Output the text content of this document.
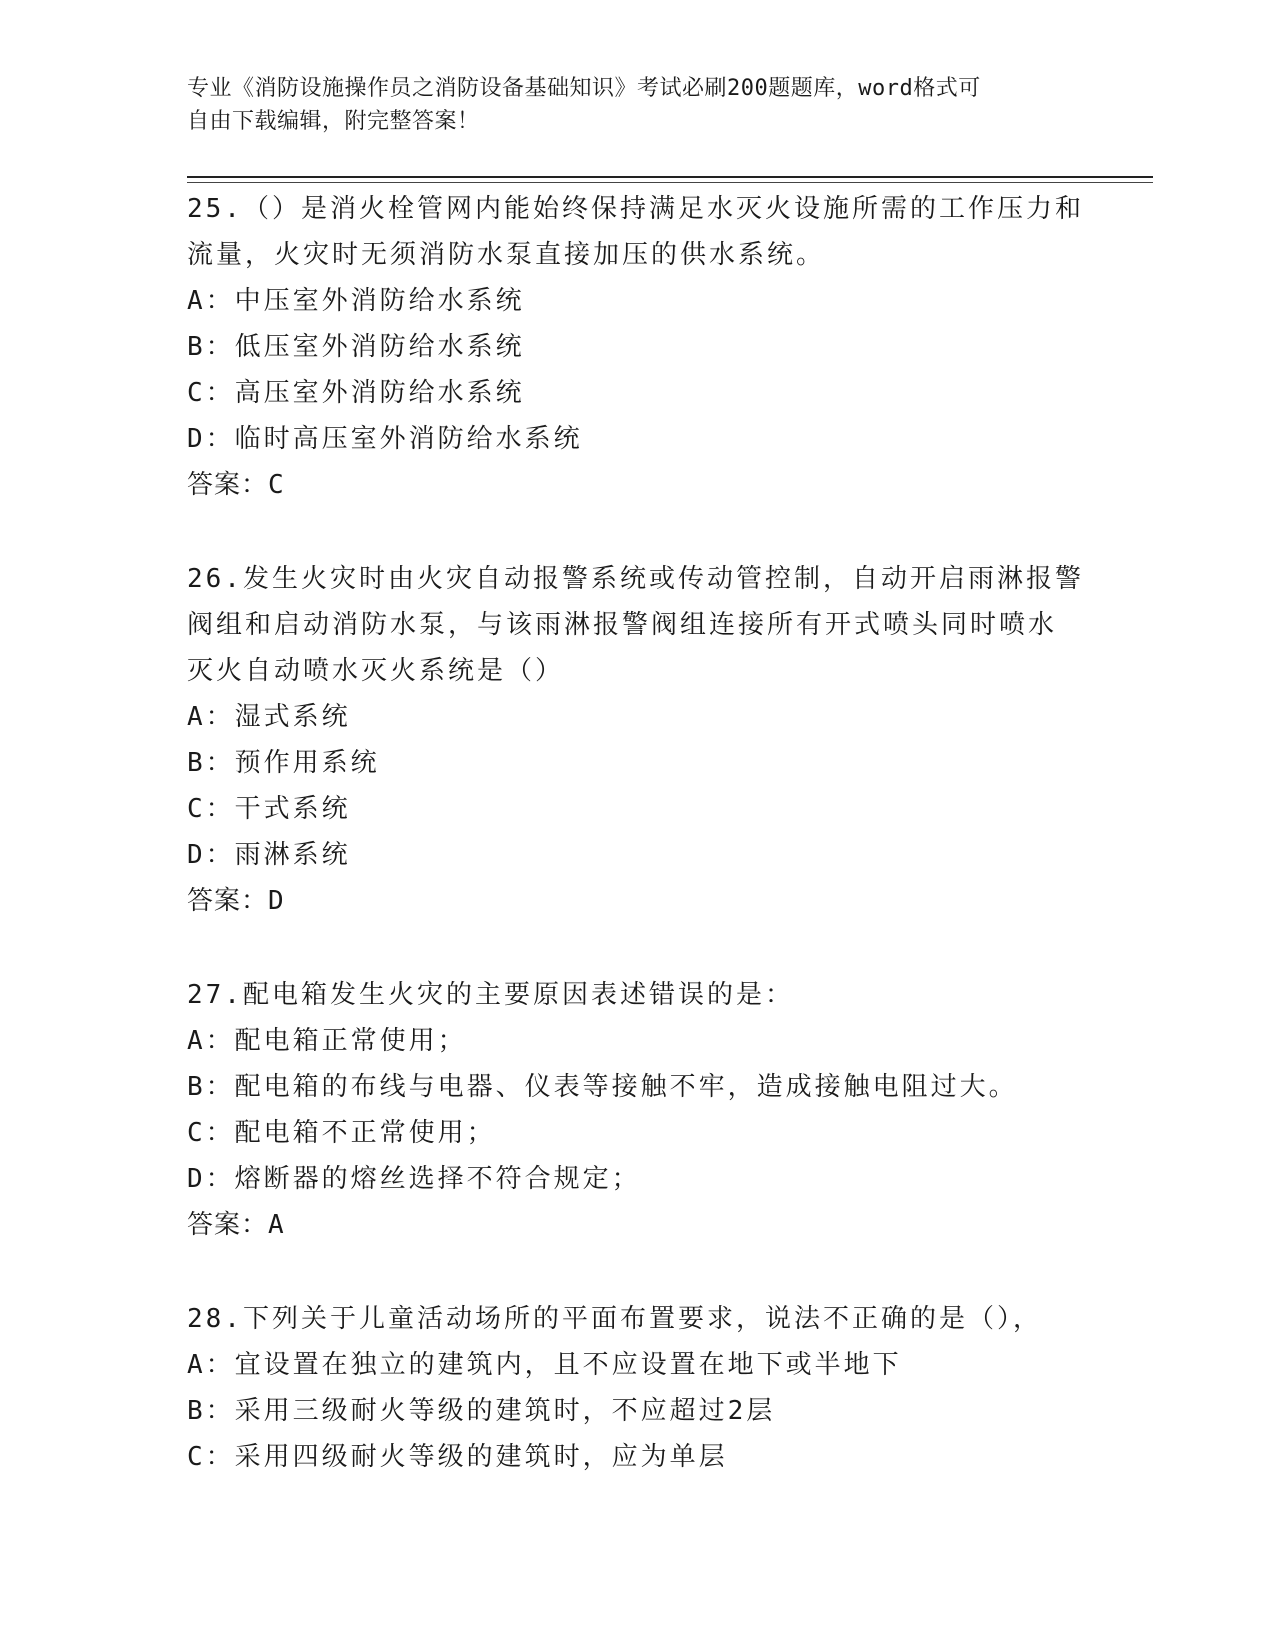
专业《消防设施操作员之消防设备基础知识》考试必刷200题题库，word格式可
自由下载编辑，附完整答案！
25.（）是消火栓管网内能始终保持满足水灭火设施所需的工作压力和
流量，火灾时无须消防水泵直接加压的供水系统。
A：中压室外消防给水系统
B：低压室外消防给水系统
C：高压室外消防给水系统
D：临时高压室外消防给水系统
答案：C
26.发生火灾时由火灾自动报警系统或传动管控制，自动开启雨淋报警
阀组和启动消防水泵，与该雨淋报警阀组连接所有开式喷头同时喷水
灭火自动喷水灭火系统是（）
A：湿式系统
B：预作用系统
C：干式系统
D：雨淋系统
答案：D
27.配电箱发生火灾的主要原因表述错误的是：
A：配电箱正常使用；
B：配电箱的布线与电器、仪表等接触不牢，造成接触电阻过大。
C：配电箱不正常使用；
D：熔断器的熔丝选择不符合规定；
答案：A
28.下列关于儿童活动场所的平面布置要求，说法不正确的是（），
A：宜设置在独立的建筑内，且不应设置在地下或半地下
B：采用三级耐火等级的建筑时，不应超过2层
C：采用四级耐火等级的建筑时，应为单层
